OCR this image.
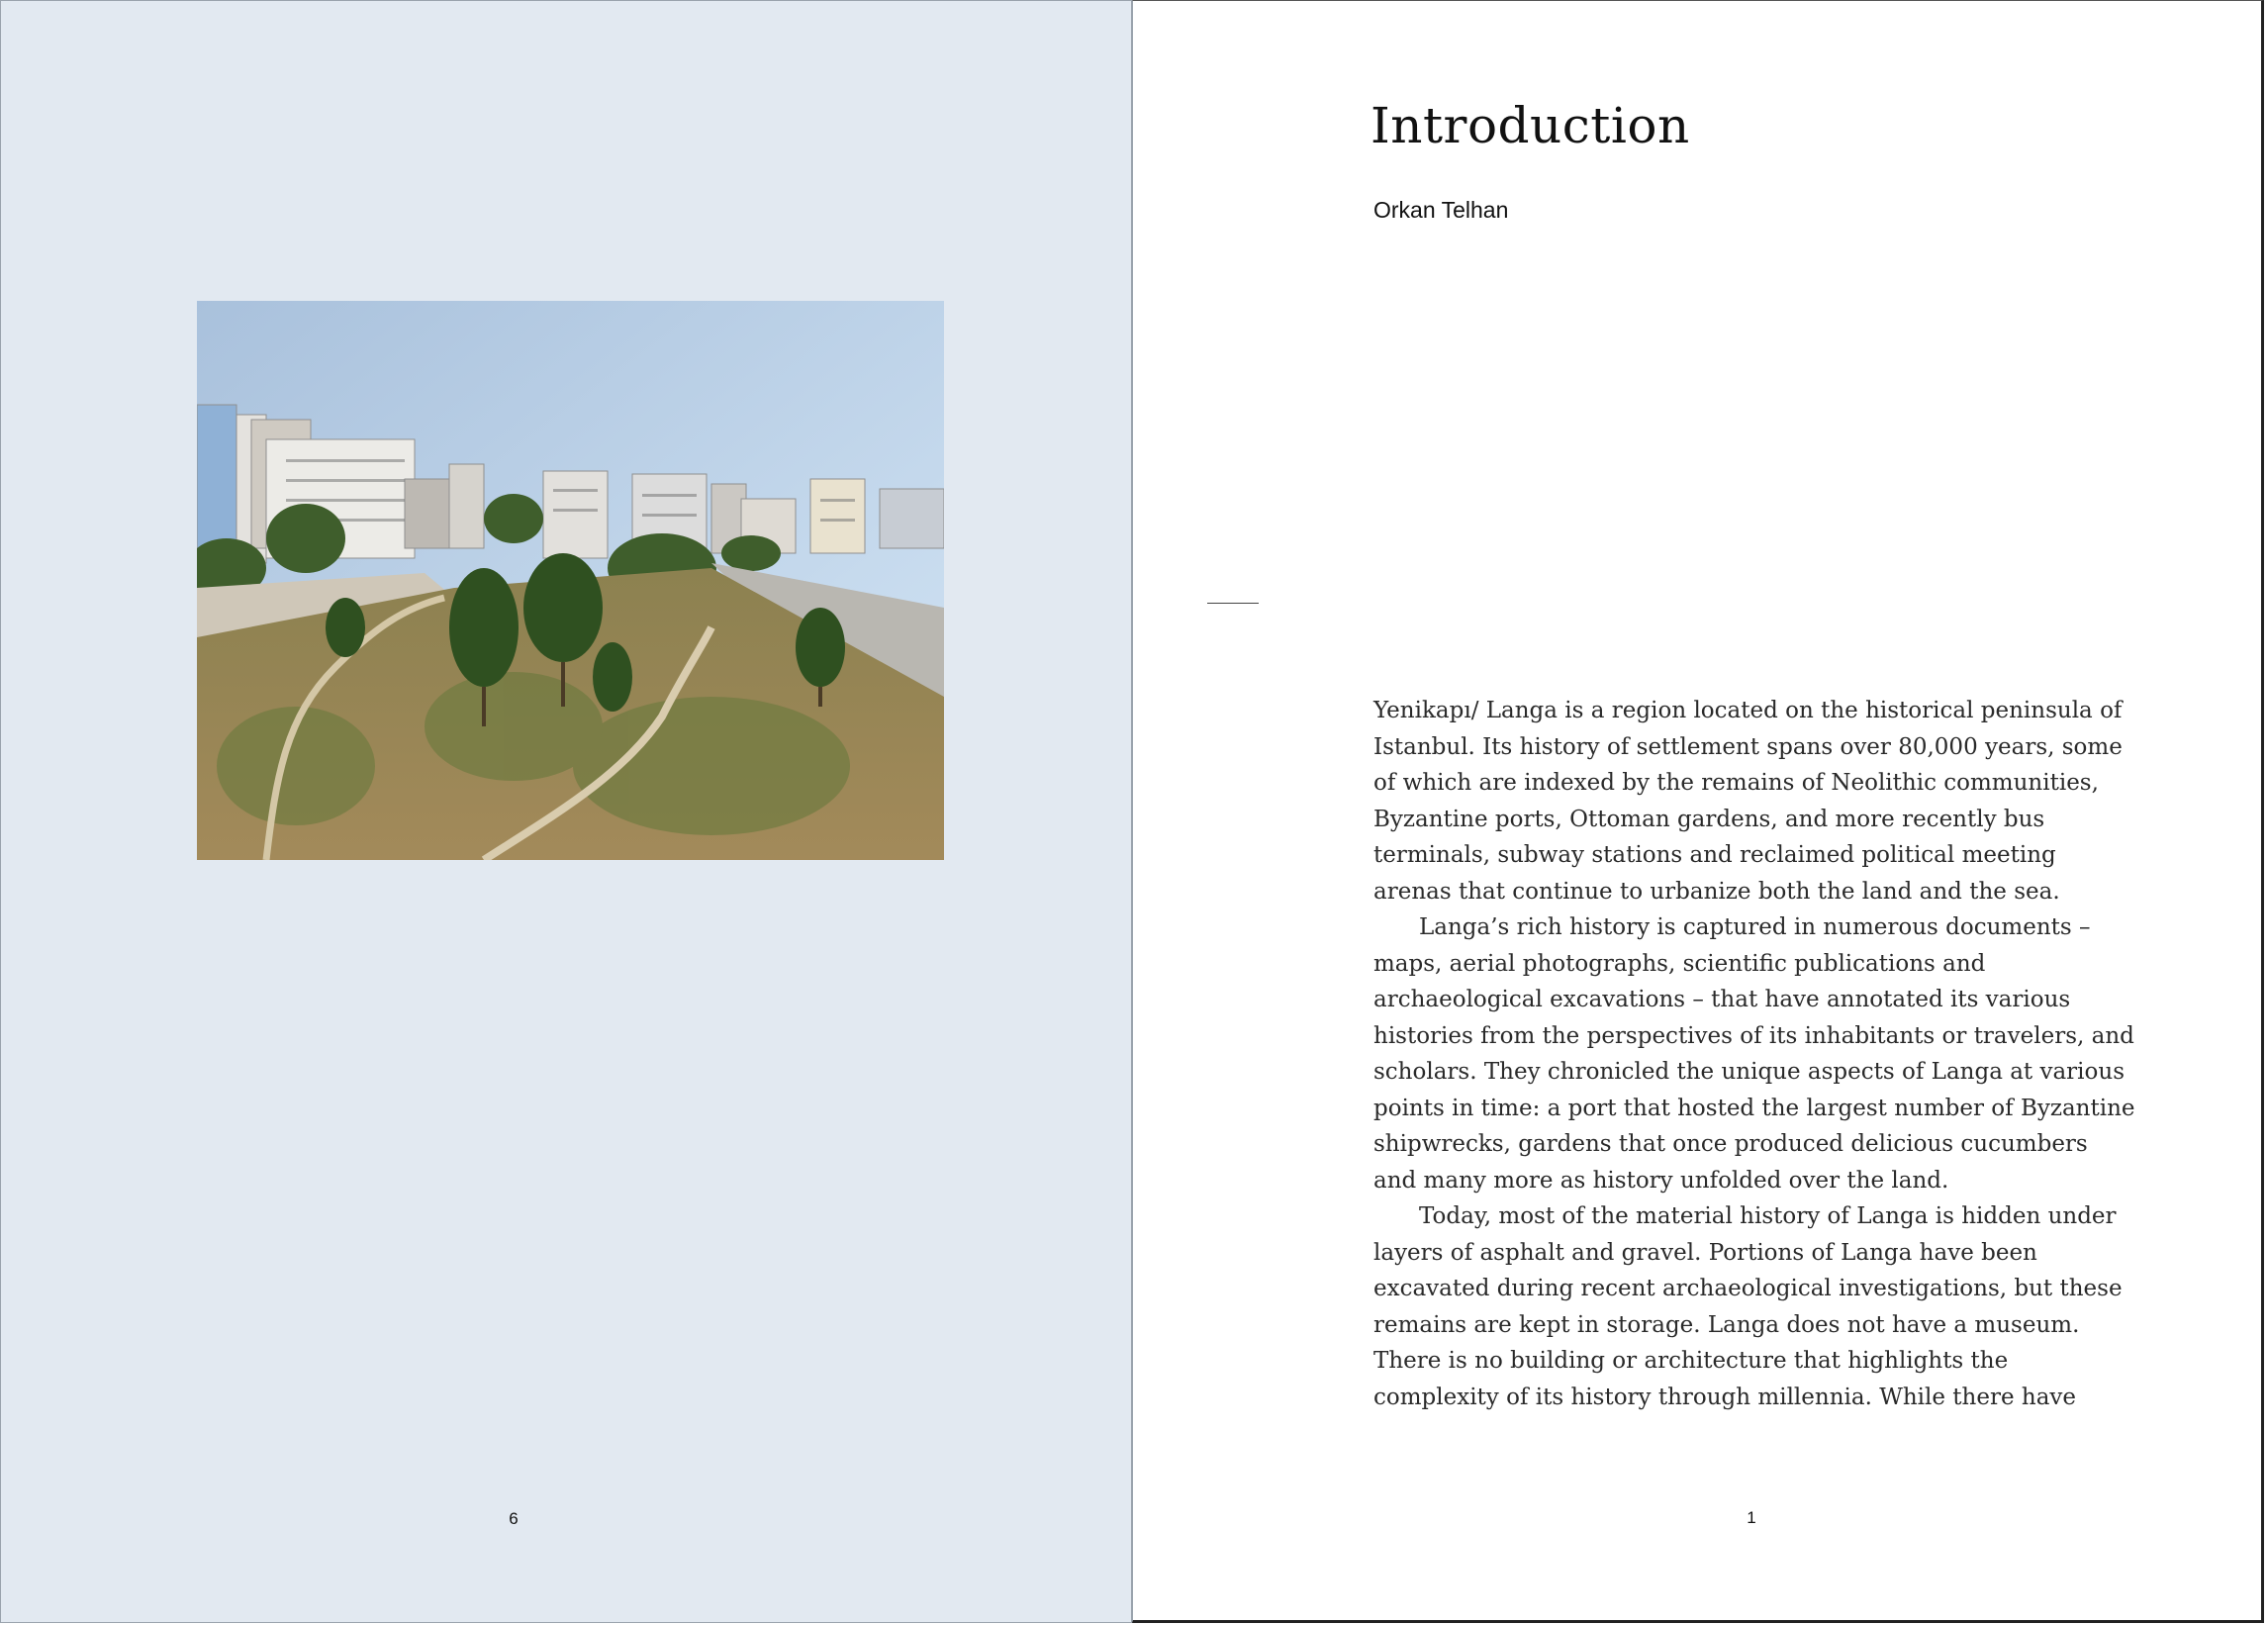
6
Introduction
Orkan Telhan

Yenikapı/ Langa is a region located on the historical peninsula of Istanbul. Its history of settlement spans over 80,000 years, some of which are indexed by the remains of Neolithic communities, Byzantine ports, Ottoman gardens, and more recently bus terminals, subway stations and reclaimed political meeting arenas that continue to urbanize both the land and the sea.

Langa’s rich history is captured in numerous documents – maps, aerial photographs, scientific publications and archaeological excavations – that have annotated its various histories from the perspectives of its inhabitants or travelers, and scholars. They chronicled the unique aspects of Langa at various points in time: a port that hosted the largest number of Byzantine shipwrecks, gardens that once produced delicious cucumbers and many more as history unfolded over the land.

Today, most of the material history of Langa is hidden under layers of asphalt and gravel. Portions of Langa have been excavated during recent archaeological investigations, but these remains are kept in storage. Langa does not have a museum. There is no building or architecture that highlights the complexity of its history through millennia. While there have

1
